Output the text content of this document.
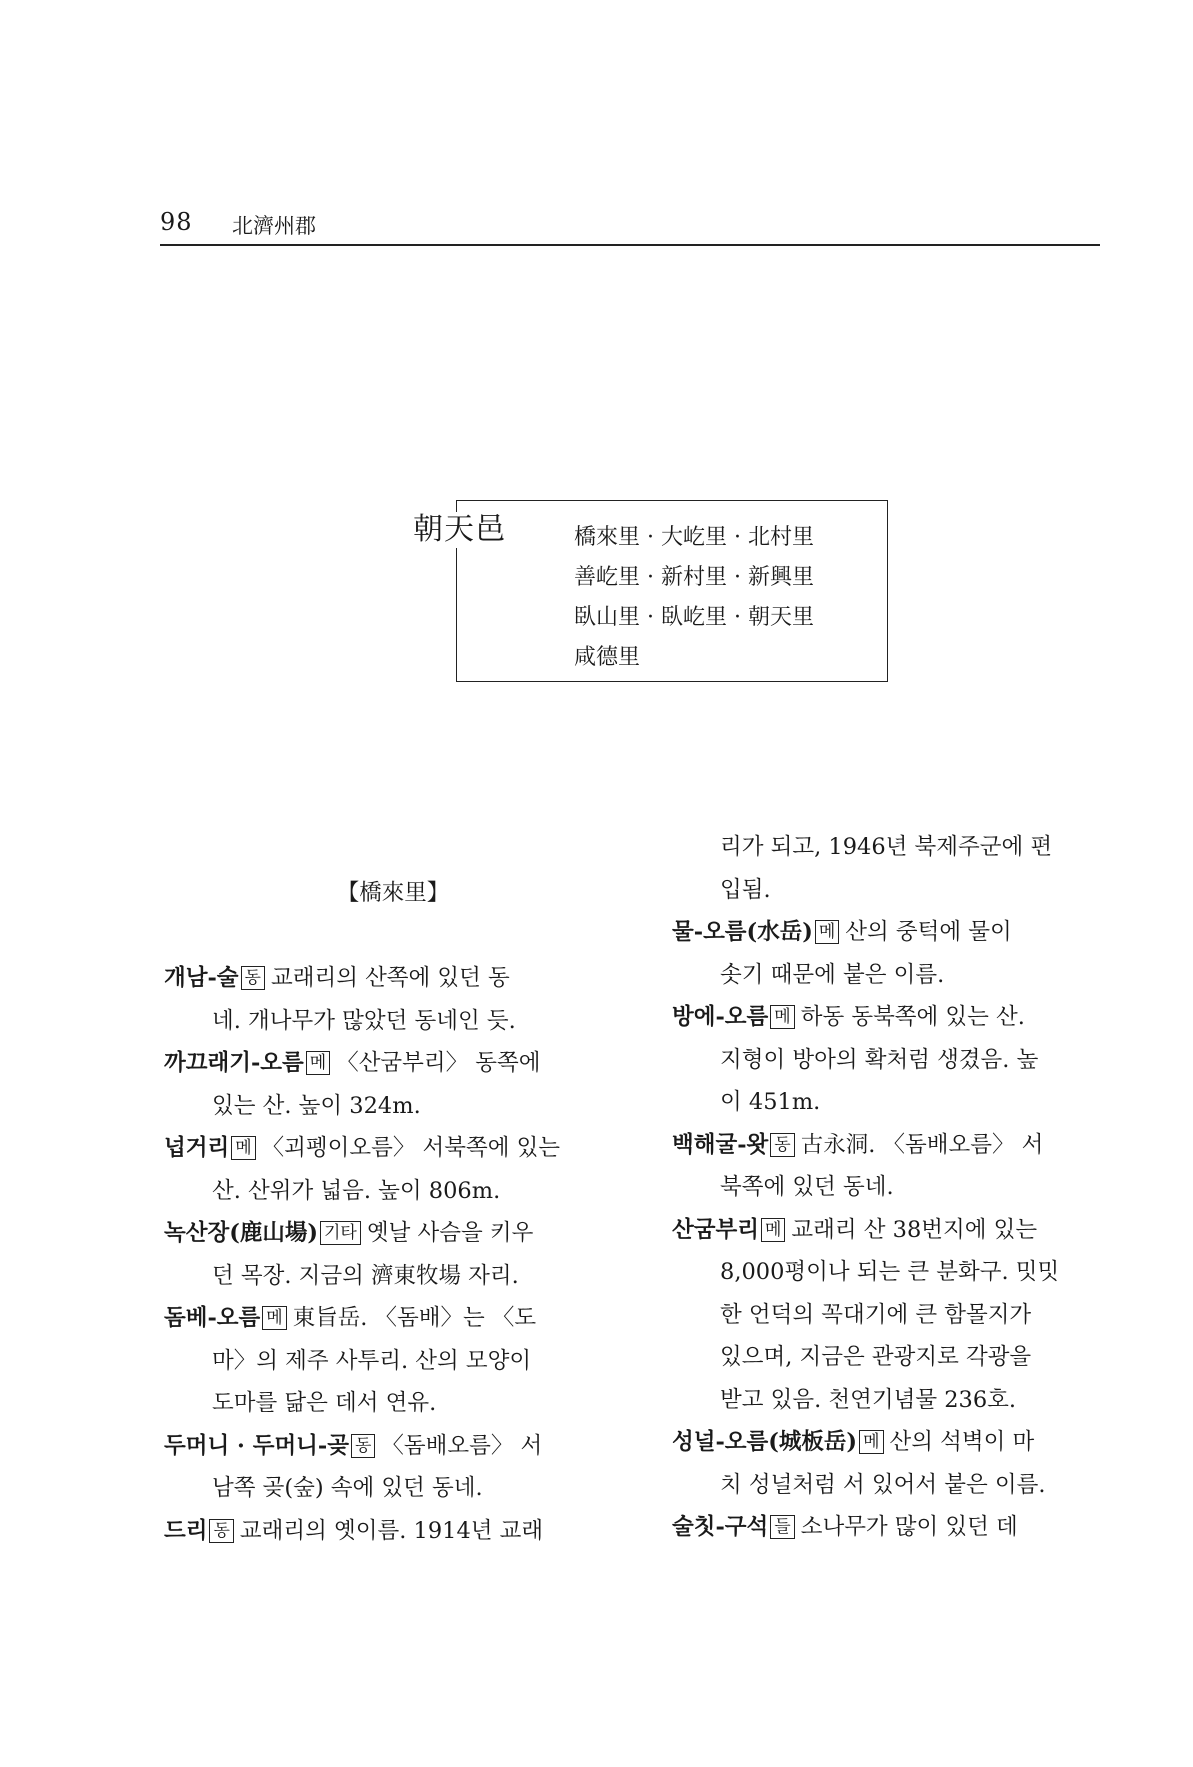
98 北濟州郡
朝天邑	橋來里 · 大屹里 · 北村里
善屹里 · 新村里 · 新興里
臥山里 · 臥屹里 · 朝天里
咸德里
【橋來里】
개남-술 동 교래리의 산쪽에 있던 동
네. 개나무가 많았던 동네인 듯.
까끄래기-오름 메 〈산굼부리〉 동쪽에
있는 산. 높이 324m.
넙거리 메 〈괴펭이오름〉 서북쪽에 있는
산. 산위가 넓음. 높이 806m.
녹산장(鹿山場) 기타 옛날 사슴을 키우
던 목장. 지금의 濟東牧場 자리.
돔베-오름 메 東旨岳. 〈돔배〉는 〈도
마〉의 제주 사투리. 산의 모양이
도마를 닮은 데서 연유.
두머니 · 두머니-곶 동 〈돔배오름〉 서
남쪽 곶(숲) 속에 있던 동네.
드리 동 교래리의 옛이름. 1914년 교래
리가 되고, 1946년 북제주군에 편
입됨.
물-오름(水岳) 메 산의 중턱에 물이
솟기 때문에 붙은 이름.
방에-오름 메 하동 동북쪽에 있는 산.
지형이 방아의 확처럼 생겼음. 높
이 451m.
백해굴-왓 동 古永洞. 〈돔배오름〉 서
북쪽에 있던 동네.
산굼부리 메 교래리 산 38번지에 있는
8,000평이나 되는 큰 분화구. 밋밋
한 언덕의 꼭대기에 큰 함몰지가
있으며, 지금은 관광지로 각광을
받고 있음. 천연기념물 236호.
성널-오름(城板岳) 메 산의 석벽이 마
치 성널처럼 서 있어서 붙은 이름.
술칫-구석 들 소나무가 많이 있던 데
